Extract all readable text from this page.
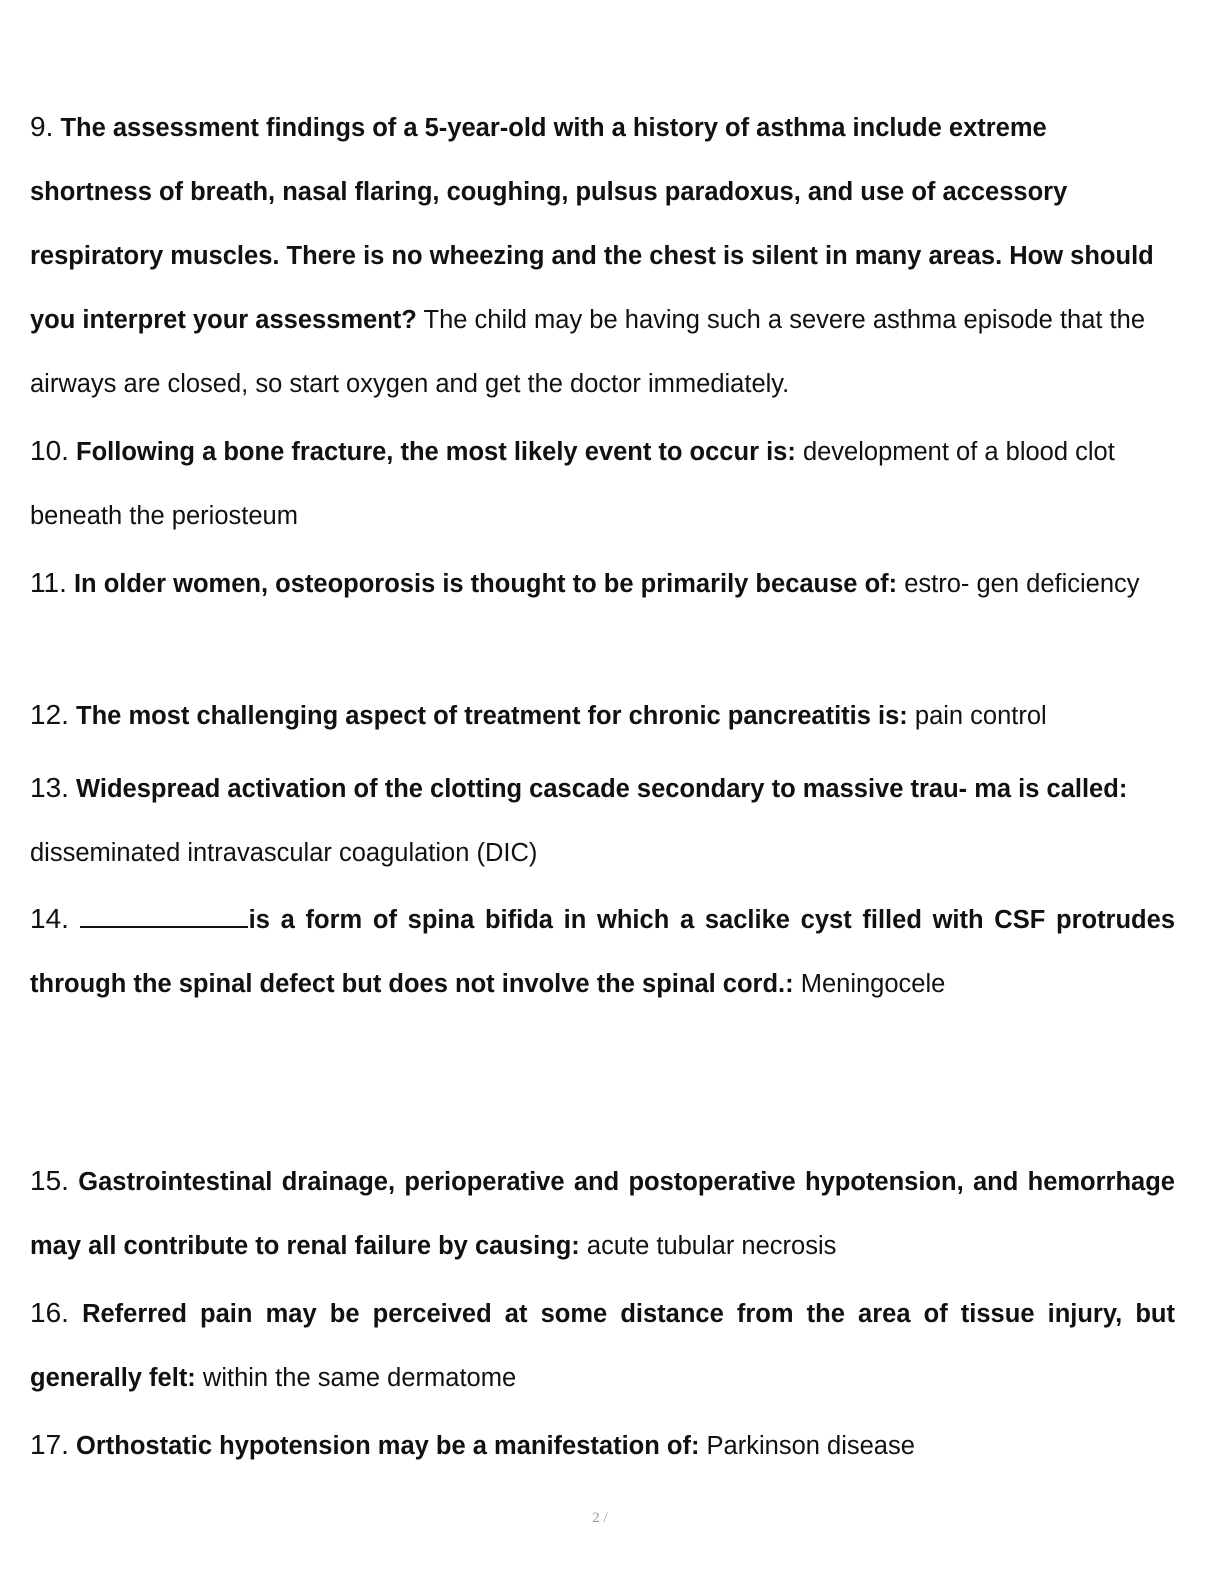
9. The assessment findings of a 5-year-old with a history of asthma include extreme shortness of breath, nasal flaring, coughing, pulsus paradoxus, and use of accessory respiratory muscles. There is no wheezing and the chest is silent in many areas. How should you interpret your assessment? The child may be having such a severe asthma episode that the airways are closed, so start oxygen and get the doctor immediately.

10. Following a bone fracture, the most likely event to occur is: development of a blood clot beneath the periosteum

11. In older women, osteoporosis is thought to be primarily because of: estro- gen deficiency

12. The most challenging aspect of treatment for chronic pancreatitis is: pain control

13. Widespread activation of the clotting cascade secondary to massive trau- ma is called: disseminated intravascular coagulation (DIC)

14.	is a form of spina bifida in which a saclike cyst filled with CSF protrudes through the spinal defect but does not involve the spinal cord.: Meningocele

15. Gastrointestinal drainage, perioperative and postoperative hypotension, and hemorrhage may all contribute to renal failure by causing: acute tubular necrosis

16. Referred pain may be perceived at some distance from the area of tissue injury, but generally felt: within the same dermatome

17. Orthostatic hypotension may be a manifestation of: Parkinson disease

2 /
